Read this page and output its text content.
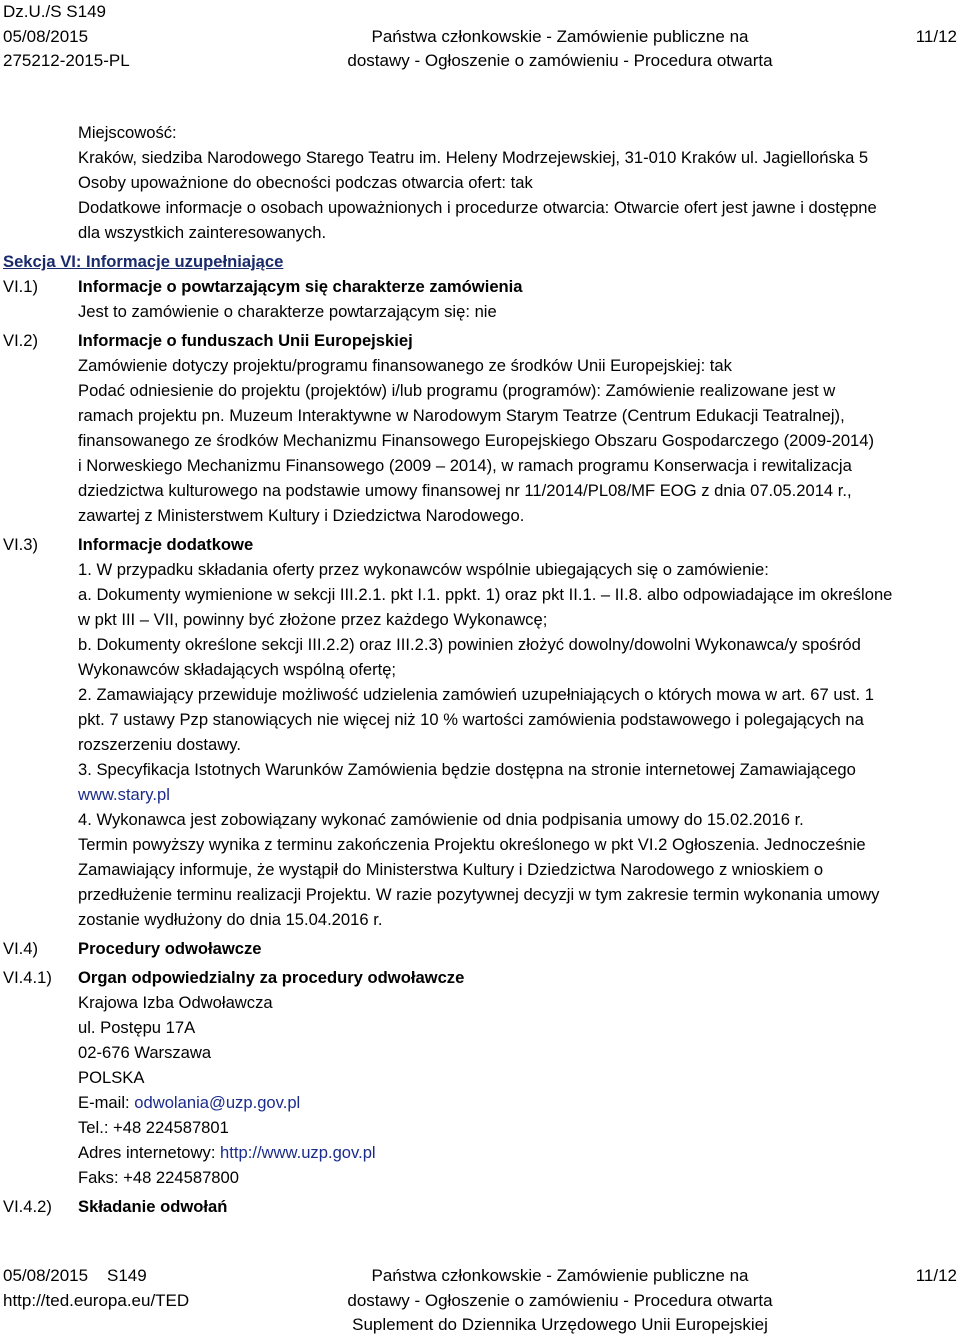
Dz.U./S S149
05/08/2015	Państwa członkowskie - Zamówienie publiczne na	11/12
275212-2015-PL	dostawy - Ogłoszenie o zamówieniu - Procedura otwarta
Miejscowość:
Kraków, siedziba Narodowego Starego Teatru im. Heleny Modrzejewskiej, 31-010 Kraków ul. Jagiellońska 5
Osoby upoważnione do obecności podczas otwarcia ofert: tak
Dodatkowe informacje o osobach upoważnionych i procedurze otwarcia: Otwarcie ofert jest jawne i dostępne
dla wszystkich zainteresowanych.
Sekcja VI: Informacje uzupełniające
VI.1) Informacje o powtarzającym się charakterze zamówienia
Jest to zamówienie o charakterze powtarzającym się: nie
VI.2) Informacje o funduszach Unii Europejskiej
Zamówienie dotyczy projektu/programu finansowanego ze środków Unii Europejskiej: tak
Podać odniesienie do projektu (projektów) i/lub programu (programów): Zamówienie realizowane jest w
ramach projektu pn. Muzeum Interaktywne w Narodowym Starym Teatrze (Centrum Edukacji Teatralnej),
finansowanego ze środków Mechanizmu Finansowego Europejskiego Obszaru Gospodarczego (2009-2014)
i Norweskiego Mechanizmu Finansowego (2009 – 2014), w ramach programu Konserwacja i rewitalizacja
dziedzictwa kulturowego na podstawie umowy finansowej nr 11/2014/PL08/MF EOG z dnia 07.05.2014 r.,
zawartej z Ministerstwem Kultury i Dziedzictwa Narodowego.
VI.3) Informacje dodatkowe
1. W przypadku składania oferty przez wykonawców wspólnie ubiegających się o zamówienie:
a. Dokumenty wymienione w sekcji III.2.1. pkt I.1. ppkt. 1) oraz pkt II.1. – II.8. albo odpowiadające im określone
w pkt III – VII, powinny być złożone przez każdego Wykonawcę;
b. Dokumenty określone sekcji III.2.2) oraz III.2.3) powinien złożyć dowolny/dowolni Wykonawca/y spośród
Wykonawców składających wspólną ofertę;
2. Zamawiający przewiduje możliwość udzielenia zamówień uzupełniających o których mowa w art. 67 ust. 1
pkt. 7 ustawy Pzp stanowiących nie więcej niż 10 % wartości zamówienia podstawowego i polegających na
rozszerzeniu dostawy.
3. Specyfikacja Istotnych Warunków Zamówienia będzie dostępna na stronie internetowej Zamawiającego
www.stary.pl
4. Wykonawca jest zobowiązany wykonać zamówienie od dnia podpisania umowy do 15.02.2016 r.
Termin powyższy wynika z terminu zakończenia Projektu określonego w pkt VI.2 Ogłoszenia. Jednocześnie
Zamawiający informuje, że wystąpił do Ministerstwa Kultury i Dziedzictwa Narodowego z wnioskiem o
przedłużenie terminu realizacji Projektu. W razie pozytywnej decyzji w tym zakresie termin wykonania umowy
zostanie wydłużony do dnia 15.04.2016 r.
VI.4) Procedury odwoławcze
VI.4.1) Organ odpowiedzialny za procedury odwoławcze
Krajowa Izba Odwoławcza
ul. Postępu 17A
02-676 Warszawa
POLSKA
E-mail: odwolania@uzp.gov.pl
Tel.: +48 224587801
Adres internetowy: http://www.uzp.gov.pl
Faks: +48 224587800
VI.4.2) Składanie odwołań
05/08/2015 S149	Państwa członkowskie - Zamówienie publiczne na	11/12
http://ted.europa.eu/TED	dostawy - Ogłoszenie o zamówieniu - Procedura otwarta
Suplement do Dziennika Urzędowego Unii Europejskiej
